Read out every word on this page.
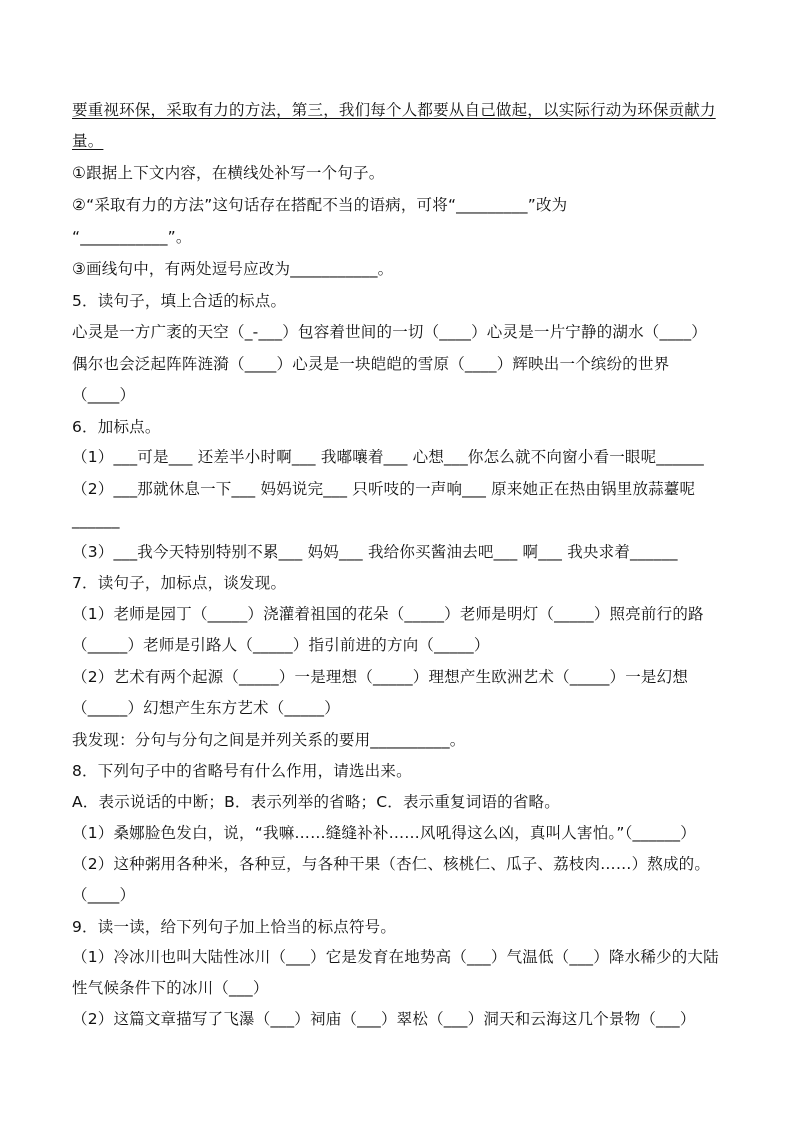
要重视环保，采取有力的方法，第三，我们每个人都要从自己做起，以实际行动为环保贡献力
量。
①跟据上下文内容，在横线处补写一个句子。
②“采取有力的方法”这句话存在搭配不当的语病，可将“_________”改为
“___________”。
③画线句中，有两处逗号应改为___________。
5．读句子，填上合适的标点。
心灵是一方广袤的天空（_-___）包容着世间的一切（____）心灵是一片宁静的湖水（____）
偶尔也会泛起阵阵涟漪（____）心灵是一块皑皑的雪原（____）辉映出一个缤纷的世界
（____）
6．加标点。
（1）___可是___ 还差半小时啊___ 我嘟嚷着___ 心想___你怎么就不向窗小看一眼呢______
（2）___那就休息一下___ 妈妈说完___ 只听吱的一声响___ 原来她正在热由锅里放蒜薹呢
______
（3）___我今天特别特别不累___ 妈妈___ 我给你买酱油去吧___ 啊___ 我央求着______
7．读句子，加标点，谈发现。
（1）老师是园丁（_____）浇灌着祖国的花朵（_____）老师是明灯（_____）照亮前行的路
（_____）老师是引路人（_____）指引前进的方向（_____）
（2）艺术有两个起源（_____）一是理想（_____）理想产生欧洲艺术（_____）一是幻想
（_____）幻想产生东方艺术（_____）
我发现：分句与分句之间是并列关系的要用__________。
8．下列句子中的省略号有什么作用，请选出来。
A．表示说话的中断；B．表示列举的省略；C．表示重复词语的省略。
（1）桑娜脸色发白，说，“我嘛……缝缝补补……风吼得这么凶，真叫人害怕。”（______）
（2）这种粥用各种米，各种豆，与各种干果（杏仁、核桃仁、瓜子、荔枝肉……）熬成的。
（____）
9．读一读，给下列句子加上恰当的标点符号。
（1）冷冰川也叫大陆性冰川（___）它是发育在地势高（___）气温低（___）降水稀少的大陆
性气候条件下的冰川（___）
（2）这篇文章描写了飞瀑（___）祠庙（___）翠松（___）洞天和云海这几个景物（___）
